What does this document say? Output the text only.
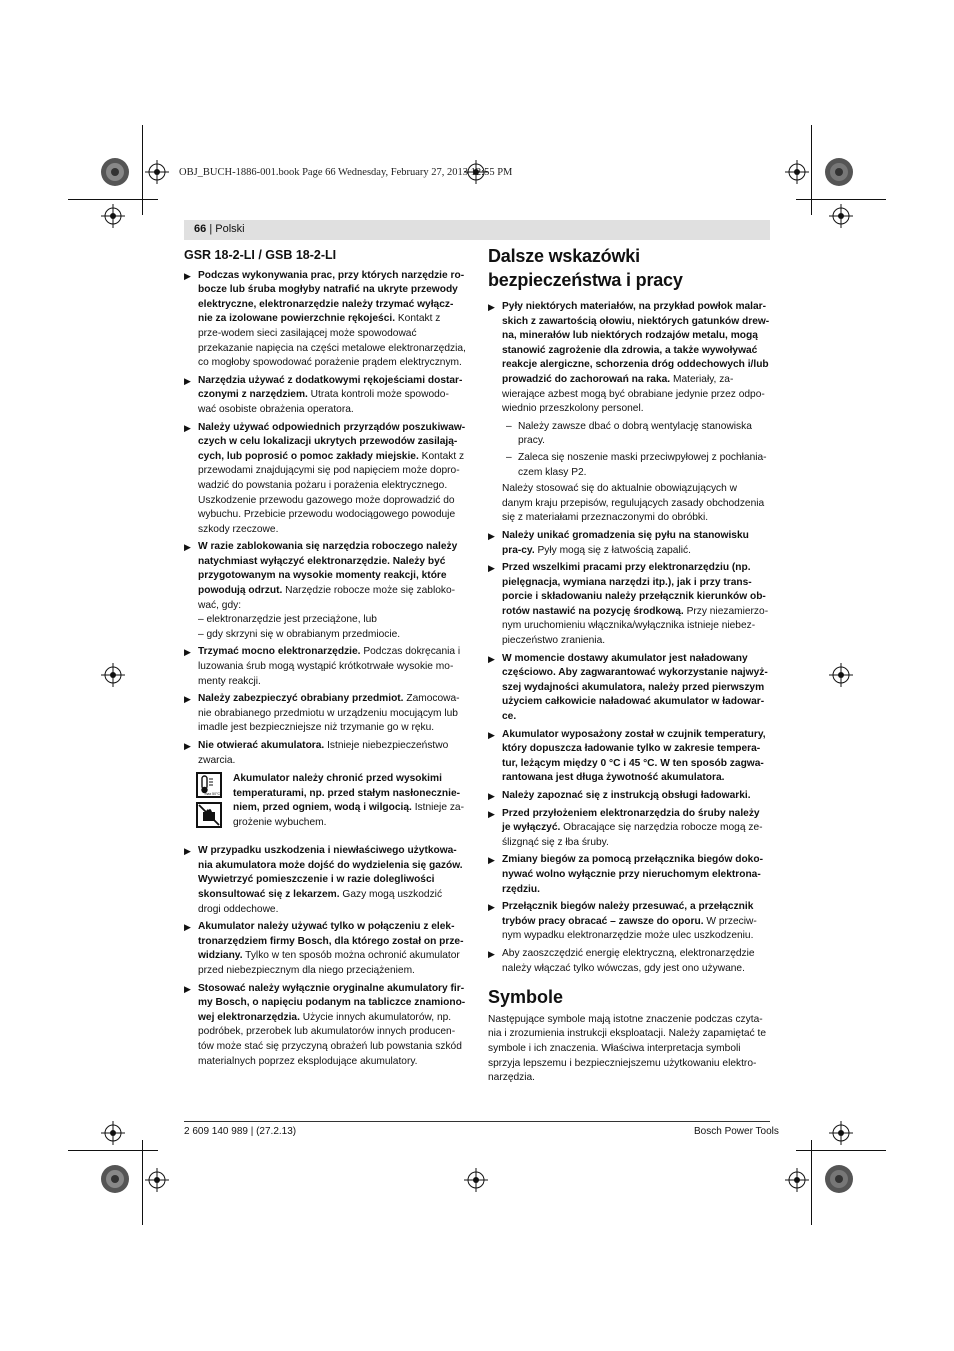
OBJ_BUCH-1886-001.book Page 66 Wednesday, February 27, 2013 12:55 PM
66 | Polski
GSR 18-2-LI / GSB 18-2-LI
▶ Podczas wykonywania prac, przy których narzędzie ro-bocze lub śruba mogłyby natrafić na ukryte przewody elektryczne, elektronarzędzie należy trzymać wyłącz-nie za izolowane powierzchnie rękojeści. Kontakt z prze-wodem sieci zasilającej może spowodować przekazanie napięcia na części metalowe elektronarzędzia, co mogłoby spowodować porażenie prądem elektrycznym.
▶ Narzędzia używać z dodatkowymi rękojeściami dostar-czonymi z narzędziem. Utrata kontroli może spowodo-wać osobiste obrażenia operatora.
▶ Należy używać odpowiednich przyrządów poszukiwaw-czych w celu lokalizacji ukrytych przewodów zasilają-cych, lub poprosić o pomoc zakłady miejskie. Kontakt z przewodami znajdującymi się pod napięciem może dopro-wadzić do powstania pożaru i porażenia elektrycznego. Uszkodzenie przewodu gazowego może doprowadzić do wybuchu. Przebicie przewodu wodociągowego powoduje szkody rzeczowe.
▶ W razie zablokowania się narzędzia roboczego należy natychmiast wyłączyć elektronarzędzie. Należy być przygotowanym na wysokie momenty reakcji, które powodują odrzut. Narzędzie robocze może się zabloko-wać, gdy:
– elektronarzędzie jest przeciążone, lub
– gdy skrzyni się w obrabianym przedmiocie.
▶ Trzymać mocno elektronarzędzie. Podczas dokręcania i luzowania śrub mogą wystąpić krótkotrwałe wysokie mo-menty reakcji.
▶ Należy zabezpieczyć obrabiany przedmiot. Zamocowa-nie obrabianego przedmiotu w urządzeniu mocującym lub imadle jest bezpieczniejsze niż trzymanie go w ręku.
▶ Nie otwierać akumulatora. Istnieje niebezpieczeństwo zwarcia.
max 50°C
Akumulator należy chronić przed wysokimi temperaturami, np. przed stałym nasłonecznie-niem, przed ogniem, wodą i wilgocią. Istnieje za-grożenie wybuchem.
▶ W przypadku uszkodzenia i niewłaściwego użytkowa-nia akumulatora może dojść do wydzielenia się gazów. Wywietrzyć pomieszczenie i w razie dolegliwości skonsultować się z lekarzem. Gazy mogą uszkodzić drogi oddechowe.
▶ Akumulator należy używać tylko w połączeniu z elek-tronarzędziem firmy Bosch, dla którego został on prze-widziany. Tylko w ten sposób można ochronić akumulator przed niebezpiecznym dla niego przeciążeniem.
▶ Stosować należy wyłącznie oryginalne akumulatory fir-my Bosch, o napięciu podanym na tabliczce znamiono-wej elektronarzędzia. Użycie innych akumulatorów, np. podróbek, przerobek lub akumulatorów innych producen-tów może stać się przyczyną obrażeń lub powstania szkód materialnych poprzez eksplodujące akumulatory.
Dalsze wskazówki bezpieczeństwa i pracy
▶ Pyły niektórych materiałów, na przykład powłok malar-skich z zawartością ołowiu, niektórych gatunków drew-na, minerałów lub niektórych rodzajów metalu, mogą stanowić zagrożenie dla zdrowia, a także wywoływać reakcje alergiczne, schorzenia dróg oddechowych i/lub prowadzić do zachorowań na raka. Materiały, za-wierające azbest mogą być obrabiane jedynie przez odpo-wiednio przeszkolony personel.
– Należy zawsze dbać o dobrą wentylację stanowiska pracy.
– Zaleca się noszenie maski przeciwpyłowej z pochłania-czem klasy P2.
Należy stosować się do aktualnie obowiązujących w danym kraju przepisów, regulujących zasady obchodzenia się z materiałami przeznaczonymi do obróbki.
▶ Należy unikać gromadzenia się pyłu na stanowisku pra-cy. Pyły mogą się z łatwością zapalić.
▶ Przed wszelkimi pracami przy elektronarzędziu (np. pielęgnacja, wymiana narzędzi itp.), jak i przy trans-porcie i składowaniu należy przełącznik kierunków ob-rotów nastawić na pozycję środkową. Przy niezamierzo-nym uruchomieniu włącznika/wyłącznika istnieje niebez-pieczeństwo zranienia.
▶ W momencie dostawy akumulator jest naładowany częściowo. Aby zagwarantować wykorzystanie najwyż-szej wydajności akumulatora, należy przed pierwszym użyciem całkowicie naładować akumulator w ładowar-ce.
▶ Akumulator wyposażony został w czujnik temperatury, który dopuszcza ładowanie tylko w zakresie tempera-tur, leżącym między 0 °C i 45 °C. W ten sposób zagwa-rantowana jest długa żywotność akumulatora.
▶ Należy zapoznać się z instrukcją obsługi ładowarki.
▶ Przed przyłożeniem elektronarzędzia do śruby należy je wyłączyć. Obracające się narzędzia robocze mogą ze-ślizgnąć się z łba śruby.
▶ Zmiany biegów za pomocą przełącznika biegów doko-nywać wolno wyłącznie przy nieruchomym elektrona-rzędziu.
▶ Przełącznik biegów należy przesuwać, a przełącznik trybów pracy obracać – zawsze do oporu. W przeciw-nym wypadku elektronarzędzie może ulec uszkodzeniu.
▶ Aby zaoszczędzić energię elektryczną, elektronarzędzie należy włączać tylko wówczas, gdy jest ono używane.
Symbole
Następujące symbole mają istotne znaczenie podczas czyta-nia i zrozumienia instrukcji eksploatacji. Należy zapamiętać te symbole i ich znaczenia. Właściwa interpretacja symboli sprzyja lepszemu i bezpieczniejszemu użytkowaniu elektro-narzędzia.
2 609 140 989 | (27.2.13)	Bosch Power Tools
